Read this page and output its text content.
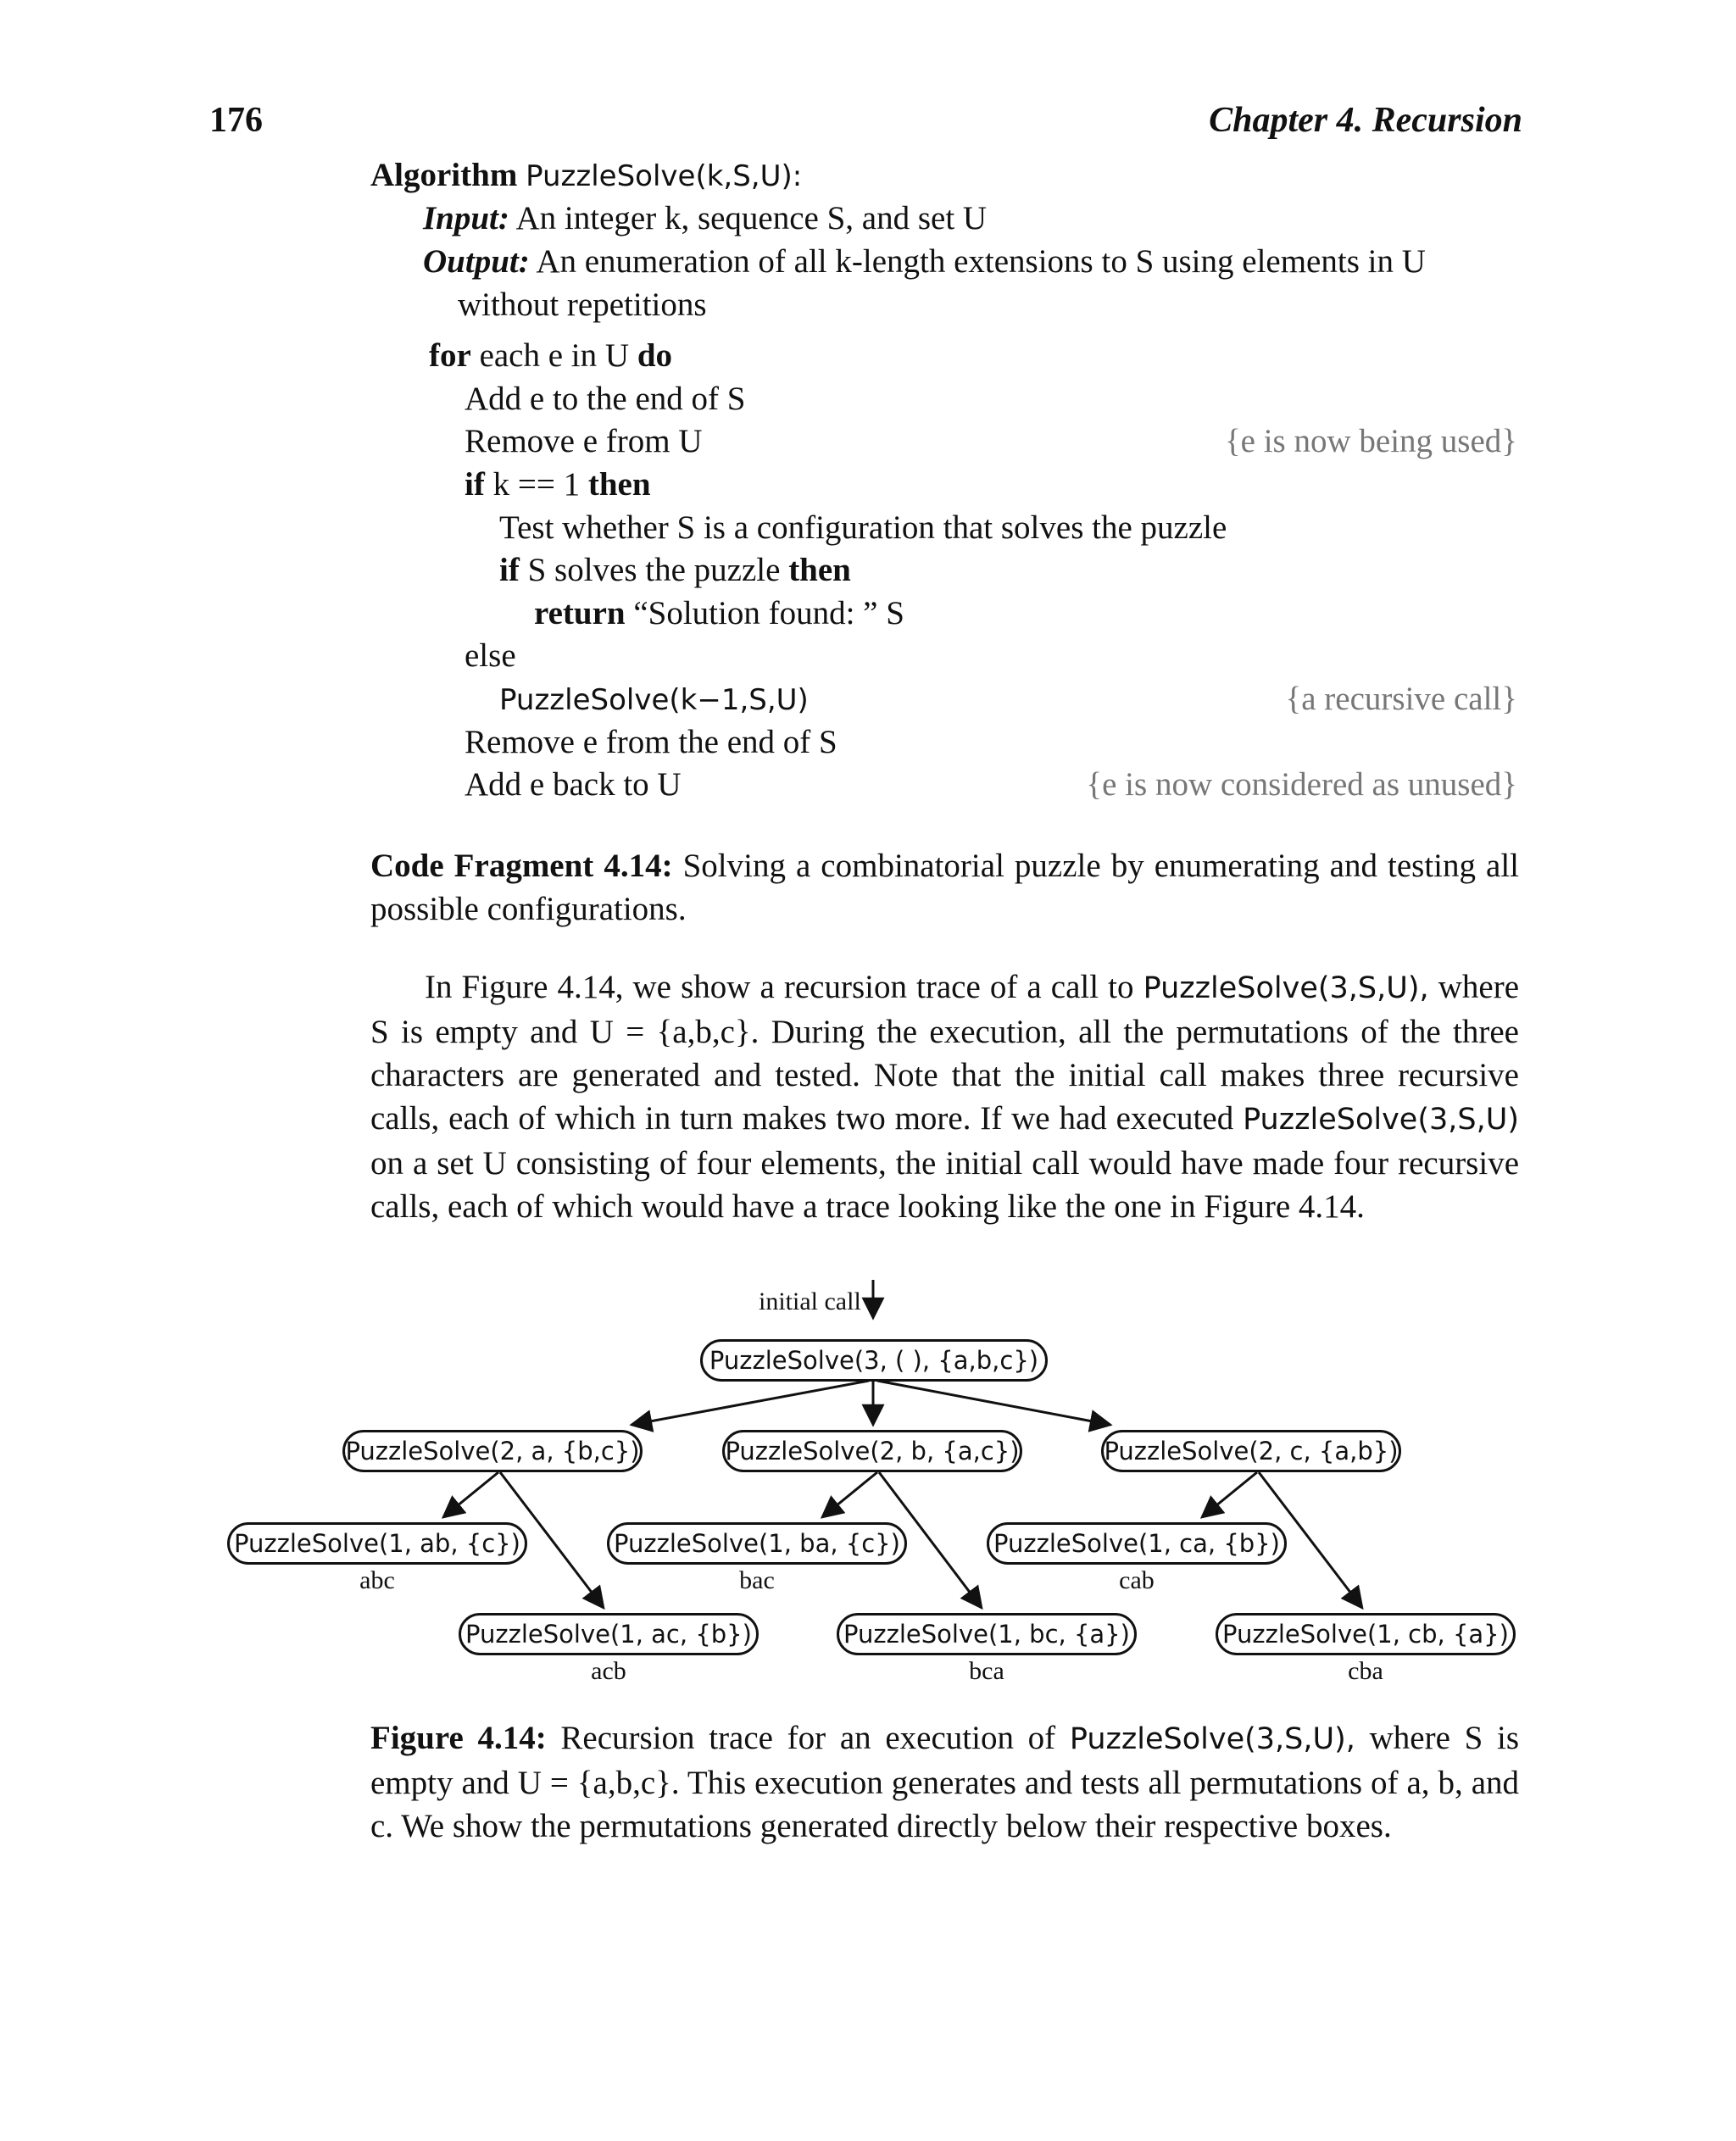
176	Chapter 4. Recursion
Algorithm PuzzleSolve(k,S,U):
Input: An integer k, sequence S, and set U
Output: An enumeration of all k-length extensions to S using elements in U
without repetitions
for each e in U do
Add e to the end of S
Remove e from U	{e is now being used}
if k == 1 then
Test whether S is a configuration that solves the puzzle
if S solves the puzzle then
return “Solution found: ” S
else
PuzzleSolve(k−1,S,U)	{a recursive call}
Remove e from the end of S
Add e back to U	{e is now considered as unused}
Code Fragment 4.14: Solving a combinatorial puzzle by enumerating and testing all possible configurations.
In Figure 4.14, we show a recursion trace of a call to PuzzleSolve(3,S,U), where S is empty and U = {a,b,c}. During the execution, all the permutations of the three characters are generated and tested. Note that the initial call makes three recursive calls, each of which in turn makes two more. If we had executed PuzzleSolve(3,S,U) on a set U consisting of four elements, the initial call would have made four recursive calls, each of which would have a trace looking like the one in Figure 4.14.
initial call
PuzzleSolve(3, ( ), {a,b,c})
PuzzleSolve(2, a, {b,c})	PuzzleSolve(2, b, {a,c})	PuzzleSolve(2, c, {a,b})
PuzzleSolve(1, ab, {c})
PuzzleSolve(1, ac, {b})
PuzzleSolve(1, ba, {c})
PuzzleSolve(1, bc, {a})
PuzzleSolve(1, ca, {b})
PuzzleSolve(1, cb, {a})
abc
acb
bac
bca
cab
cba
Figure 4.14: Recursion trace for an execution of PuzzleSolve(3,S,U), where S is empty and U = {a,b,c}. This execution generates and tests all permutations of a, b, and c. We show the permutations generated directly below their respective boxes.
